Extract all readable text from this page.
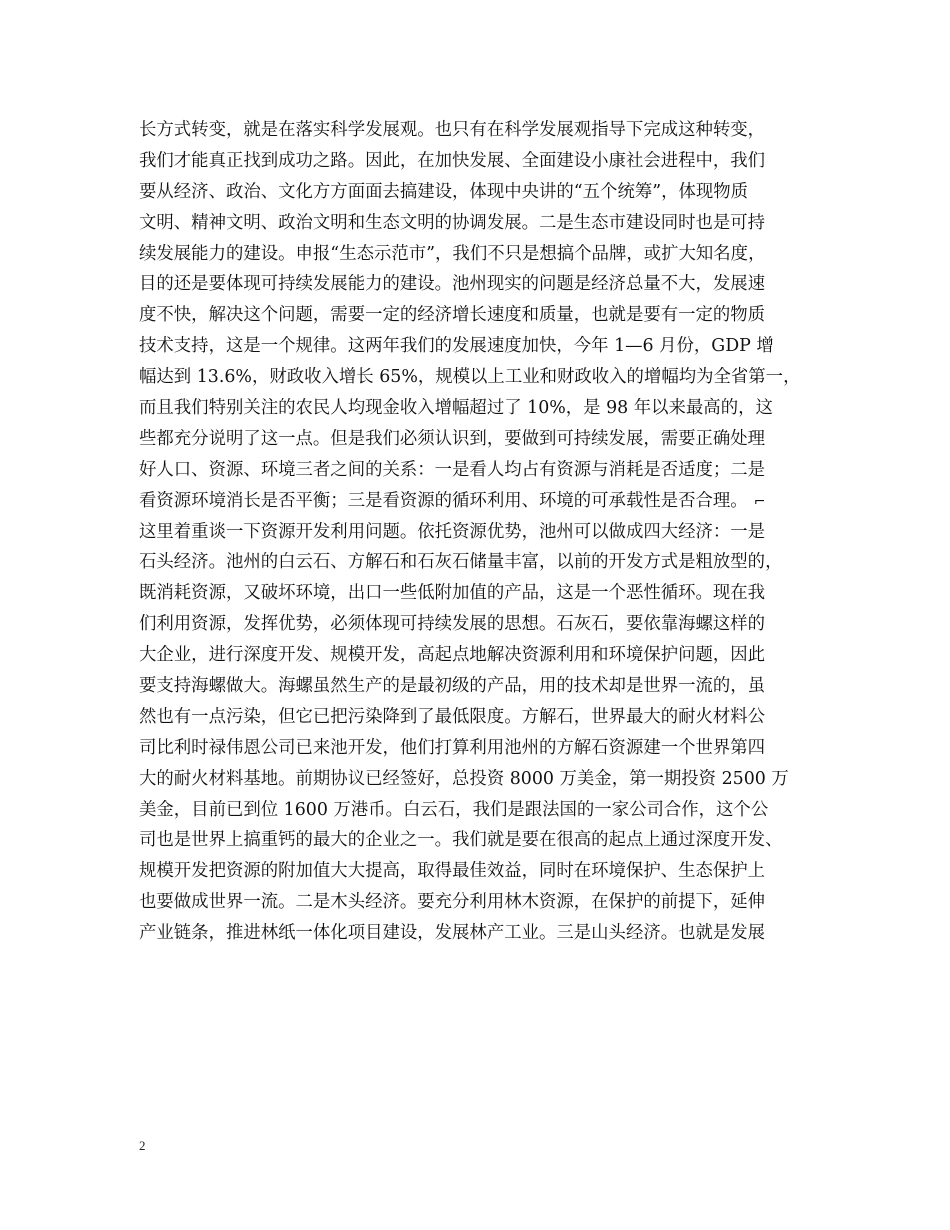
长方式转变，就是在落实科学发展观。也只有在科学发展观指导下完成这种转变，
我们才能真正找到成功之路。因此，在加快发展、全面建设小康社会进程中，我们
要从经济、政治、文化方方面面去搞建设，体现中央讲的“五个统筹”，体现物质
文明、精神文明、政治文明和生态文明的协调发展。二是生态市建设同时也是可持
续发展能力的建设。申报“生态示范市”，我们不只是想搞个品牌，或扩大知名度，
目的还是要体现可持续发展能力的建设。池州现实的问题是经济总量不大，发展速
度不快，解决这个问题，需要一定的经济增长速度和质量，也就是要有一定的物质
技术支持，这是一个规律。这两年我们的发展速度加快，今年 1—6 月份，GDP 增
幅达到 13.6%，财政收入增长 65%，规模以上工业和财政收入的增幅均为全省第一，
而且我们特别关注的农民人均现金收入增幅超过了 10%，是 98 年以来最高的，这
些都充分说明了这一点。但是我们必须认识到，要做到可持续发展，需要正确处理
好人口、资源、环境三者之间的关系：一是看人均占有资源与消耗是否适度；二是
看资源环境消长是否平衡；三是看资源的循环利用、环境的可承载性是否合理。 ⌐
这里着重谈一下资源开发利用问题。依托资源优势，池州可以做成四大经济：一是
石头经济。池州的白云石、方解石和石灰石储量丰富，以前的开发方式是粗放型的，
既消耗资源，又破坏环境，出口一些低附加值的产品，这是一个恶性循环。现在我
们利用资源，发挥优势，必须体现可持续发展的思想。石灰石，要依靠海螺这样的
大企业，进行深度开发、规模开发，高起点地解决资源利用和环境保护问题，因此
要支持海螺做大。海螺虽然生产的是最初级的产品，用的技术却是世界一流的，虽
然也有一点污染，但它已把污染降到了最低限度。方解石，世界最大的耐火材料公
司比利时禄伟恩公司已来池开发，他们打算利用池州的方解石资源建一个世界第四
大的耐火材料基地。前期协议已经签好，总投资 8000 万美金，第一期投资 2500 万
美金，目前已到位 1600 万港币。白云石，我们是跟法国的一家公司合作，这个公
司也是世界上搞重钙的最大的企业之一。我们就是要在很高的起点上通过深度开发、
规模开发把资源的附加值大大提高，取得最佳效益，同时在环境保护、生态保护上
也要做成世界一流。二是木头经济。要充分利用林木资源，在保护的前提下，延伸
产业链条，推进林纸一体化项目建设，发展林产工业。三是山头经济。也就是发展
2
